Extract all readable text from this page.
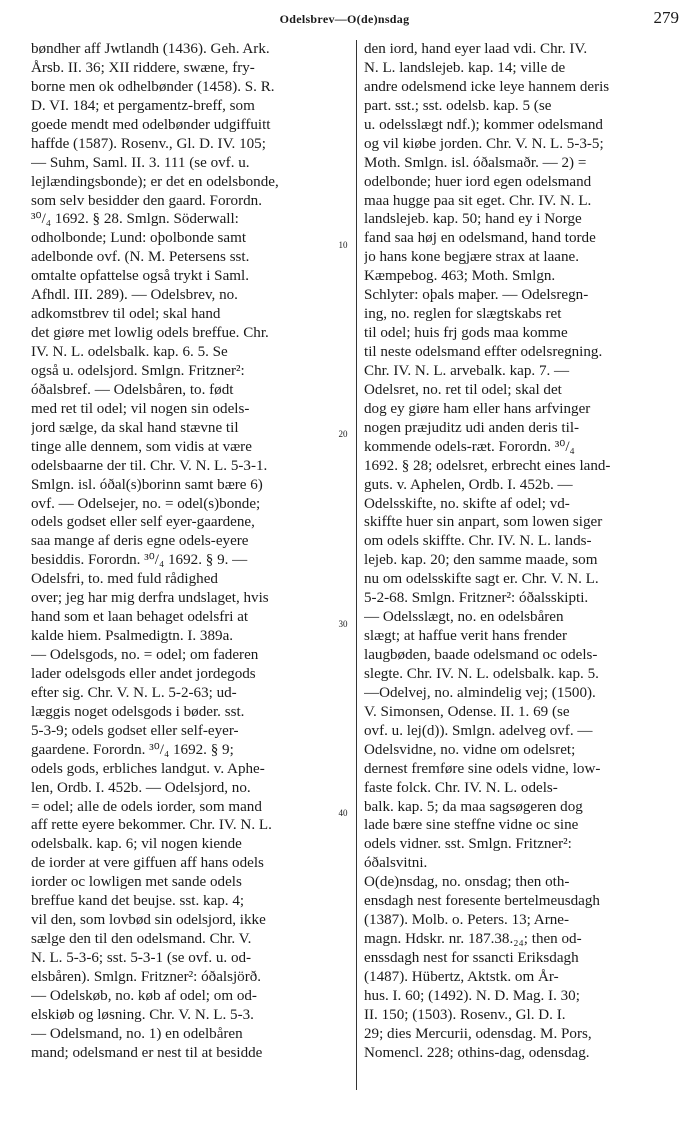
Odelsbrev—O(de)nsdag	279
bøndher aff Jwtlandh (1436). Geh. Ark.
Årsb. II. 36; XII riddere, swæne, fry-
borne men ok odhelbønder (1458). S. R.
D. VI. 184; et pergamentz-breff, som
goede mendt med odelbønder udgiffuitt
haffde (1587). Rosenv., Gl. D. IV. 105;
— Suhm, Saml. II. 3. 111 (se ovf. u.
lejlændingsbonde); er det en odelsbonde,
som selv besidder den gaard. Forordn.
³⁰/₄ 1692. § 28. Smlgn. Söderwall:
odholbonde; Lund: oþolbonde samt
adelbonde ovf. (N. M. Petersens sst.
omtalte opfattelse også trykt i Saml.
Afhdl. III. 289). — Odelsbrev, no.
adkomstbrev til odel; skal hand
det giøre met lowlig odels breffue. Chr.
IV. N. L. odelsbalk. kap. 6. 5. Se
også u. odelsjord. Smlgn. Fritzner²:
óðalsbref. — Odelsbåren, to. født
med ret til odel; vil nogen sin odels-
jord sælge, da skal hand stævne til
tinge alle dennem, som vidis at være
odelsbaarne der til. Chr. V. N. L. 5-3-1.
Smlgn. isl. óðal(s)borinn samt bære 6)
ovf. — Odelsejer, no. = odel(s)bonde;
odels godset eller self eyer-gaardene,
saa mange af deris egne odels-eyere
besiddis. Forordn. ³⁰/₄ 1692. § 9. —
Odelsfri, to. med fuld rådighed
over; jeg har mig derfra undslaget, hvis
hand som et laan behaget odelsfri at
kalde hiem. Psalmedigtn. I. 389a.
— Odelsgods, no. = odel; om faderen
lader odelsgods eller andet jordegods
efter sig. Chr. V. N. L. 5-2-63; ud-
læggis noget odelsgods i bøder. sst.
5-3-9; odels godset eller self-eyer-
gaardene. Forordn. ³⁰/₄ 1692. § 9;
odels gods, erbliches landgut. v. Aphe-
len, Ordb. I. 452b. — Odelsjord, no.
= odel; alle de odels iorder, som mand
aff rette eyere bekommer. Chr. IV. N. L.
odelsbalk. kap. 6; vil nogen kiende
de iorder at vere giffuen aff hans odels
iorder oc lowligen met sande odels
breffue kand det beujse. sst. kap. 4;
vil den, som lovbød sin odelsjord, ikke
sælge den til den odelsmand. Chr. V.
N. L. 5-3-6; sst. 5-3-1 (se ovf. u. od-
elsbåren). Smlgn. Fritzner²: óðalsjörð.
— Odelskøb, no. køb af odel; om od-
elskiøb og løsning. Chr. V. N. L. 5-3.
— Odelsmand, no. 1) en odelbåren
mand; odelsmand er nest til at besidde
den iord, hand eyer laad vdi. Chr. IV.
N. L. landslejeb. kap. 14; ville de
andre odelsmend icke leye hannem deris
part. sst.; sst. odelsb. kap. 5 (se
u. odelsslægt ndf.); kommer odelsmand
og vil kiøbe jorden. Chr. V. N. L. 5-3-5;
Moth. Smlgn. isl. óðalsmaðr. — 2) =
odelbonde; huer iord egen odelsmand
maa hugge paa sit eget. Chr. IV. N. L.
landslejeb. kap. 50; hand ey i Norge
fand saa høj en odelsmand, hand torde
jo hans kone begjære strax at laane.
Kæmpebog. 463; Moth. Smlgn.
Schlyter: oþals maþer. — Odelsregn-
ing, no. reglen for slægtskabs ret
til odel; huis frj gods maa komme
til neste odelsmand effter odelsregning.
Chr. IV. N. L. arvebalk. kap. 7. —
Odelsret, no. ret til odel; skal det
dog ey giøre ham eller hans arfvinger
nogen præjuditz udi anden deris til-
kommende odels-ræt. Forordn. ³⁰/₄
1692. § 28; odelsret, erbrecht eines land-
guts. v. Aphelen, Ordb. I. 452b. —
Odelsskifte, no. skifte af odel; vd-
skiffte huer sin anpart, som lowen siger
om odels skiffte. Chr. IV. N. L. lands-
lejeb. kap. 20; den samme maade, som
nu om odelsskifte sagt er. Chr. V. N. L.
5-2-68. Smlgn. Fritzner²: óðalsskipti.
— Odelsslægt, no. en odelsbåren
slægt; at haffue verit hans frender
laugbøden, baade odelsmand oc odels-
slegte. Chr. IV. N. L. odelsbalk. kap. 5.
—Odelvej, no. almindelig vej; (1500).
V. Simonsen, Odense. II. 1. 69 (se
ovf. u. lej(d)). Smlgn. adelveg ovf. —
Odelsvidne, no. vidne om odelsret;
dernest fremføre sine odels vidne, low-
faste folck. Chr. IV. N. L. odels-
balk. kap. 5; da maa sagsøgeren dog
lade bære sine steffne vidne oc sine
odels vidner. sst. Smlgn. Fritzner²:
óðalsvitni.
O(de)nsdag, no. onsdag; then oth-
ensdagh nest foresente bertelmeusdagh
(1387). Molb. o. Peters. 13; Arne-
magn. Hdskr. nr. 187.38.₂₄; then od-
enssdagh nest for ssancti Eriksdagh
(1487). Hübertz, Aktstk. om År-
hus. I. 60; (1492). N. D. Mag. I. 30;
II. 150; (1503). Rosenv., Gl. D. I.
29; dies Mercurii, odensdag. M. Pors,
Nomencl. 228; othins-dag, odensdag.
10
20
30
40
